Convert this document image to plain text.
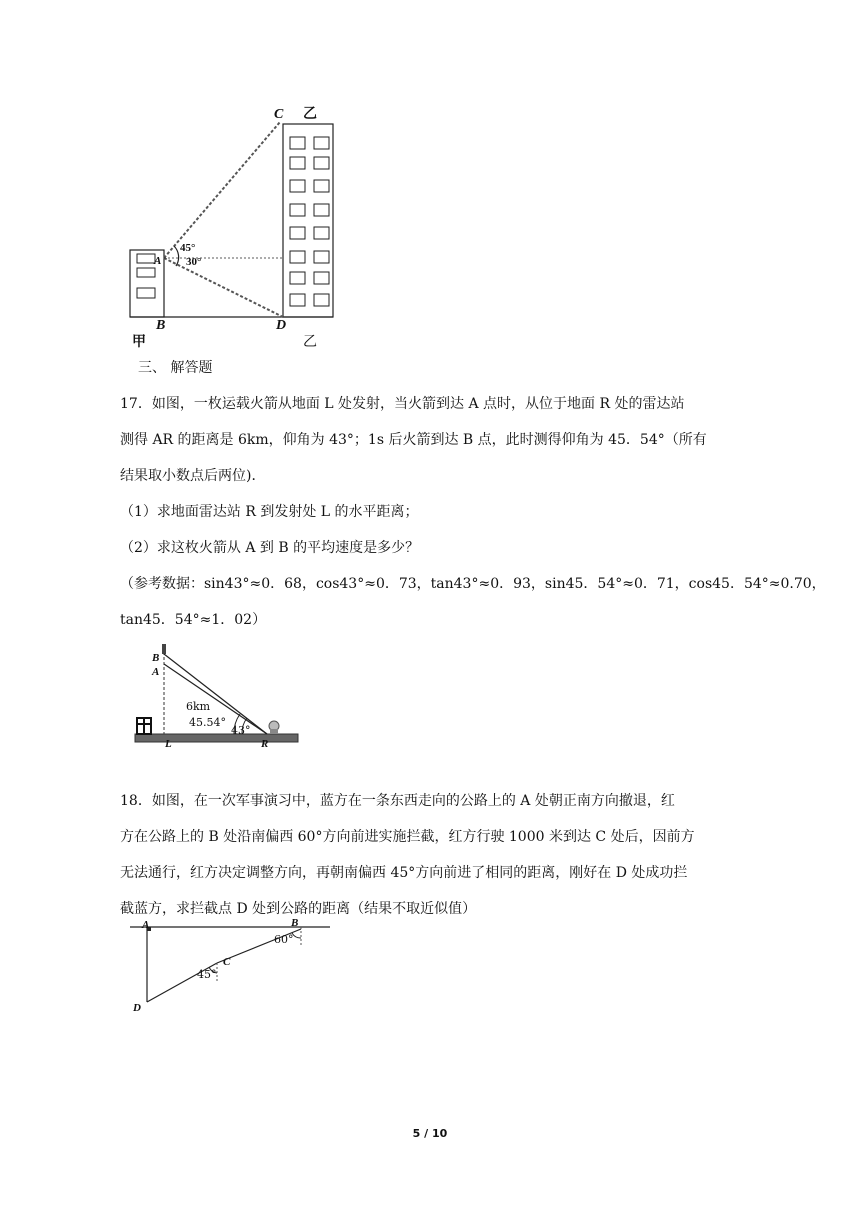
C 乙
A
45°
30°
B	D
甲	乙
三、 解答题
17．如图，一枚运载火箭从地面 L 处发射，当火箭到达 A 点时，从位于地面 R 处的雷达站
测得 AR 的距离是 6km，仰角为 43°；1s 后火箭到达 B 点，此时测得仰角为 45．54°（所有
结果取小数点后两位)．
（1）求地面雷达站 R 到发射处 L 的水平距离；
（2）求这枚火箭从 A 到 B 的平均速度是多少？
（参考数据：sin43°≈0．68，cos43°≈0．73，tan43°≈0．93，sin45．54°≈0．71，cos45．54°≈0.70，
tan45．54°≈1．02）
B
A
6km
45.54°
43°
L	R
18．如图，在一次军事演习中，蓝方在一条东西走向的公路上的 A 处朝正南方向撤退，红
方在公路上的 B 处沿南偏西 60°方向前进实施拦截，红方行驶 1000 米到达 C 处后，因前方
无法通行，红方决定调整方向，再朝南偏西 45°方向前进了相同的距离，刚好在 D 处成功拦
截蓝方，求拦截点 D 处到公路的距离（结果不取近似值）
A	B
60°
C
45°
D
5 / 10
